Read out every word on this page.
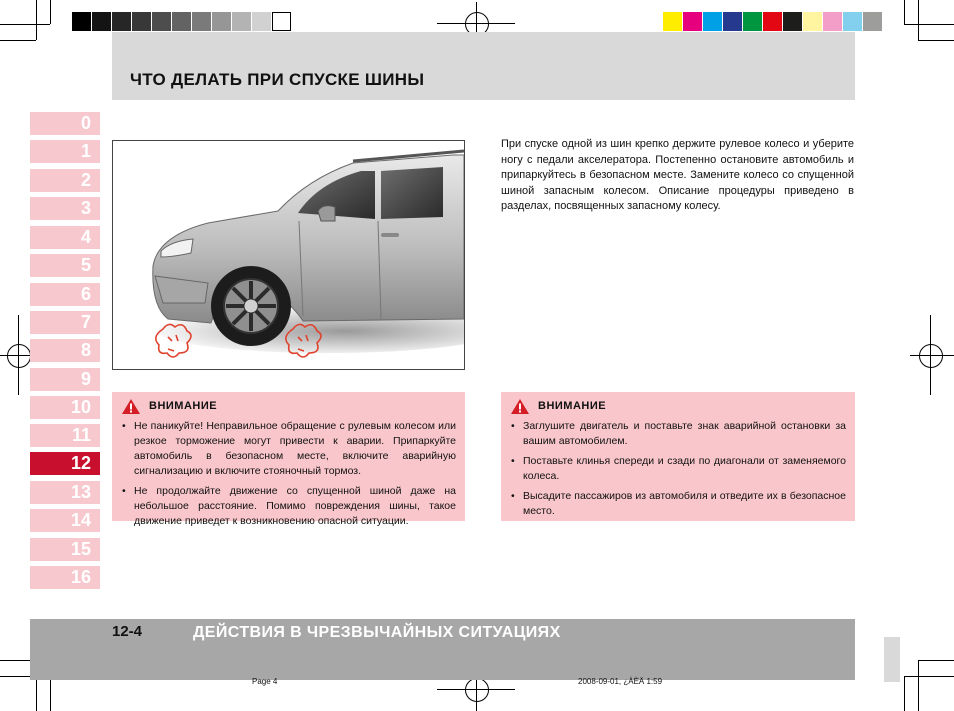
ЧТО ДЕЛАТЬ ПРИ СПУСКЕ ШИНЫ
0
1
2
3
4
5
6
7
8
9
10
11
12
13
14
15
16
При спуске одной из шин крепко держите рулевое колесо и уберите ногу с педали акселератора. Постепенно остановите автомобиль и припаркуйтесь в безопасном месте. Замените колесо со спущенной шиной запасным колесом. Описание процедуры приведено в разделах, посвященных запасному колесу.
ВНИМАНИЕ
• Не паникуйте! Неправильное обращение с рулевым колесом или резкое торможение могут привести к аварии. Припаркуйте автомобиль в безопасном месте, включите аварийную сигнализацию и включите стояночный тормоз.
• Не продолжайте движение со спущенной шиной даже на небольшое расстояние. Помимо повреждения шины, такое движение приведет к возникновению опасной ситуации.
ВНИМАНИЕ
• Заглушите двигатель и поставьте знак аварийной остановки за вашим автомобилем.
• Поставьте клинья спереди и сзади по диагонали от заменяемого колеса.
• Высадите пассажиров из автомобиля и отведите их в безопасное место.
12-4	ДЕЙСТВИЯ В ЧРЕЗВЫЧАЙНЫХ СИТУАЦИЯХ
Page 4	2008-09-01, ¿ÀÈÄ 1:59
